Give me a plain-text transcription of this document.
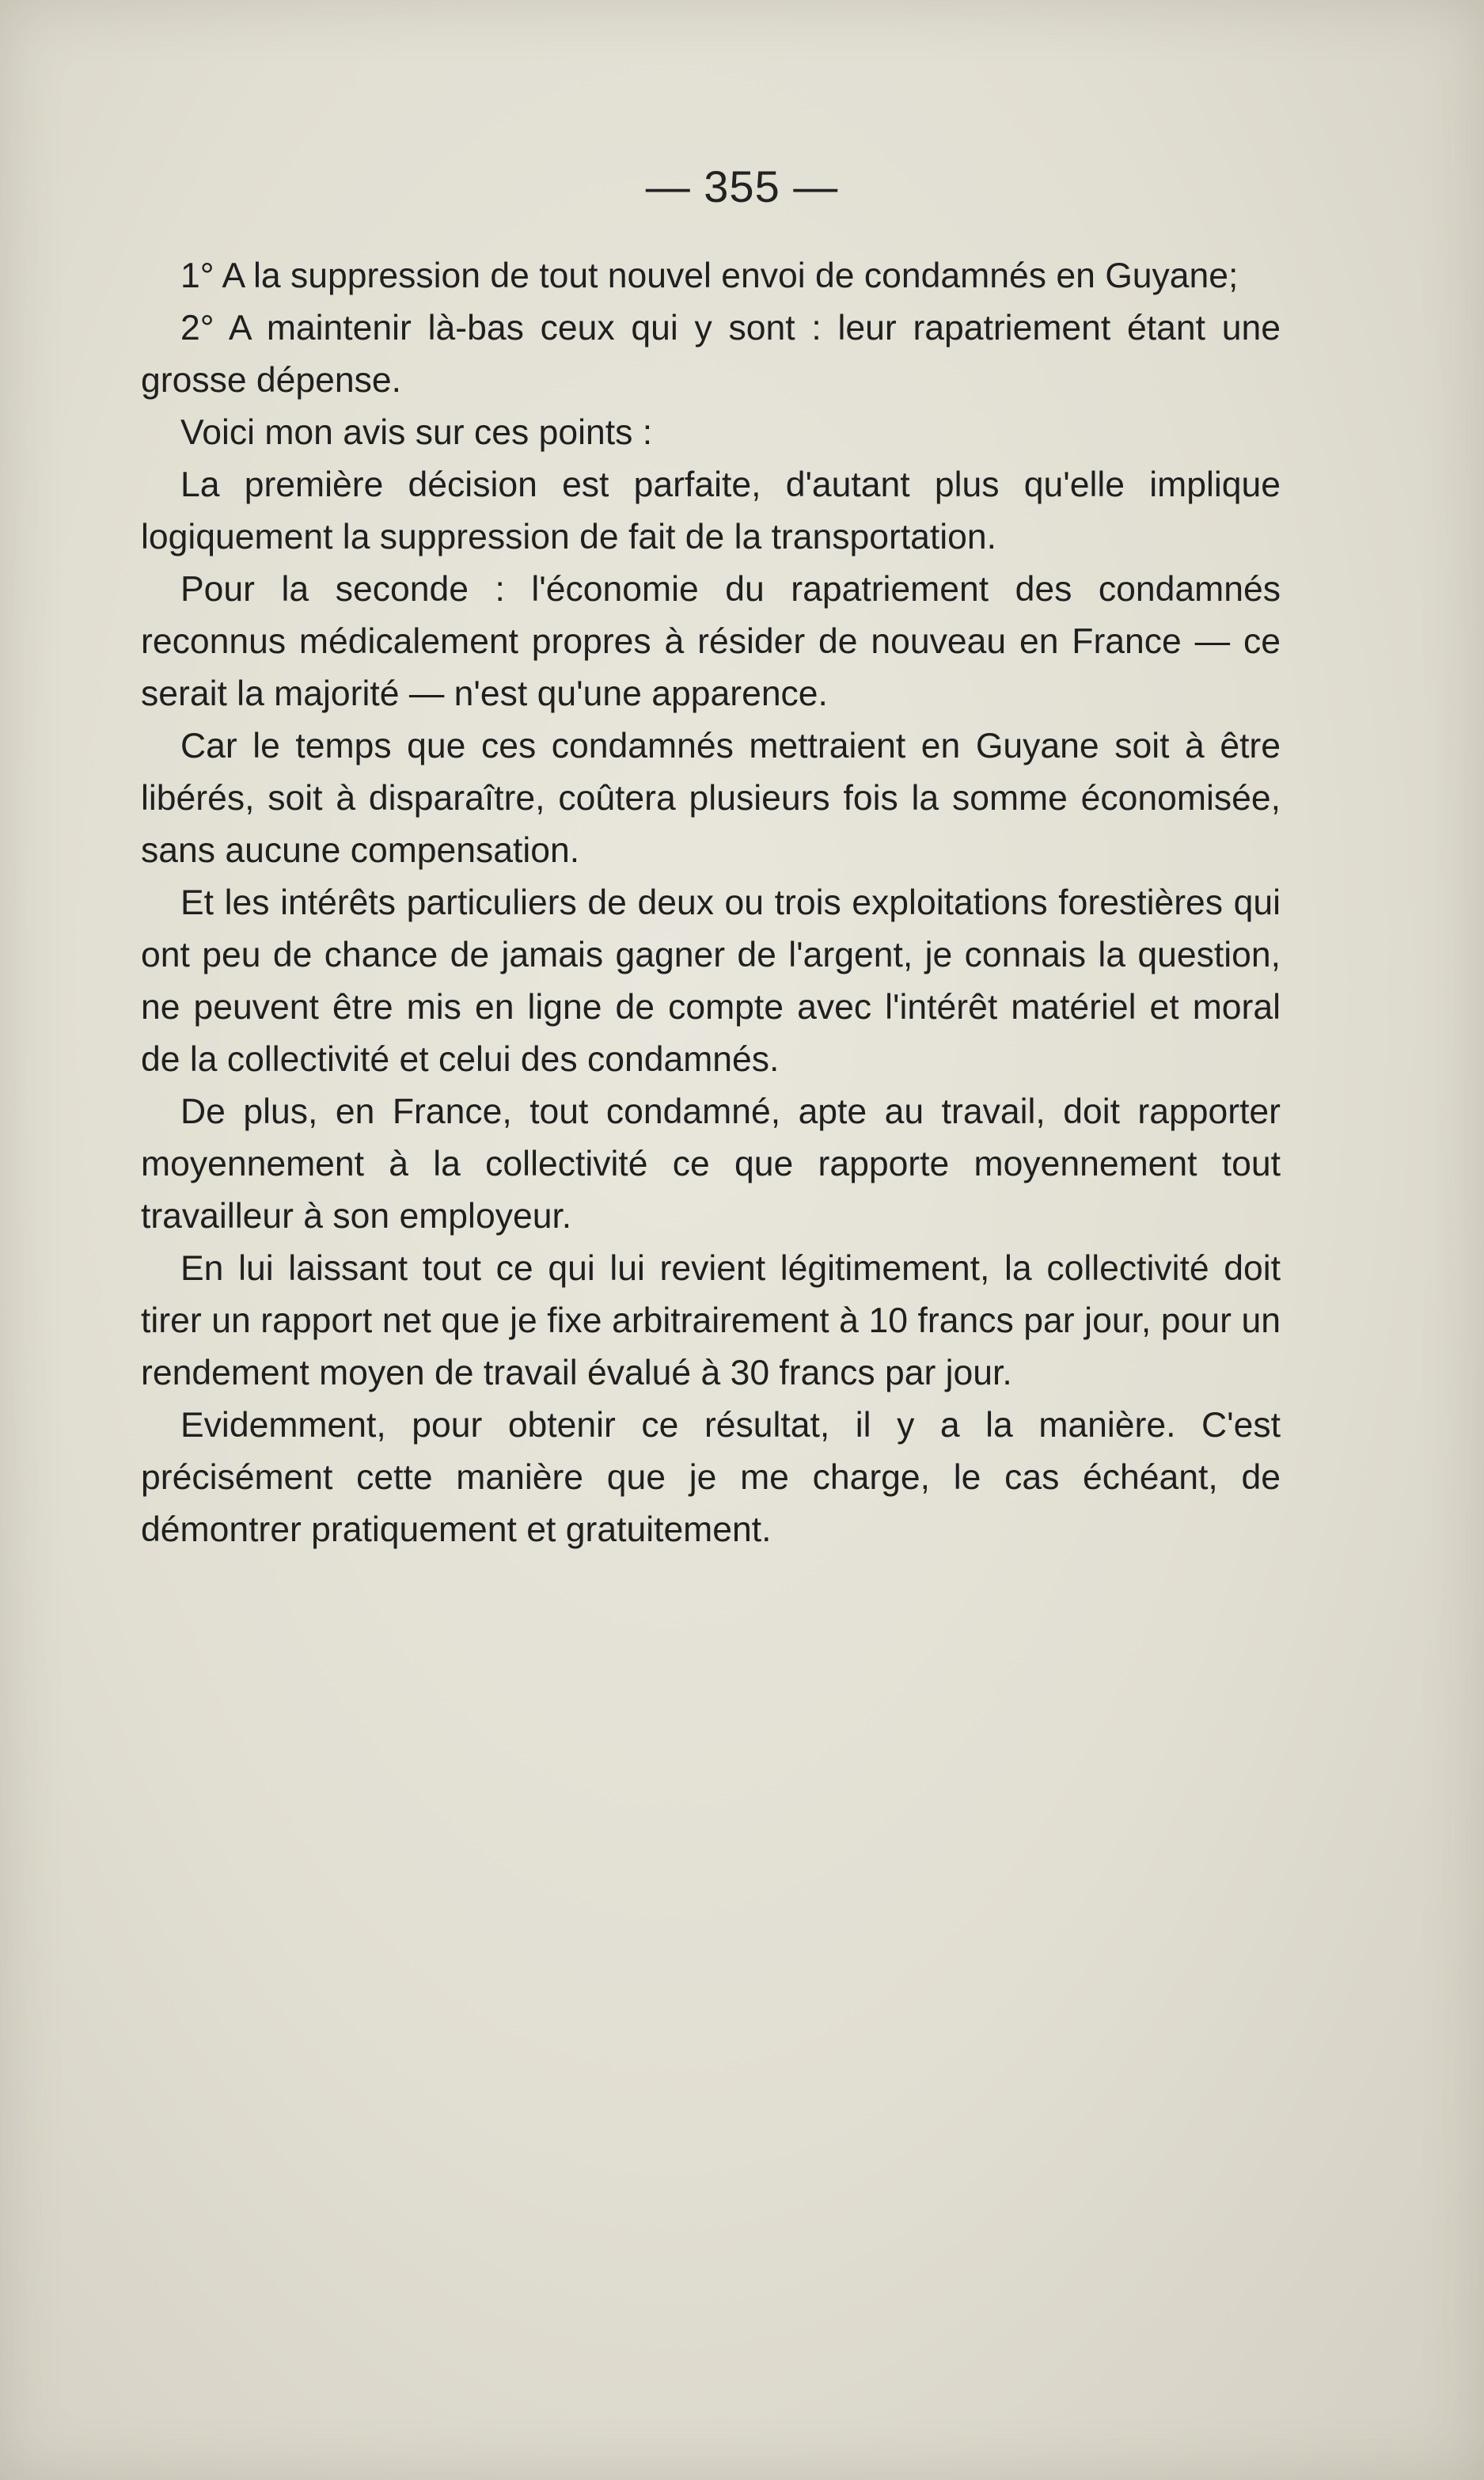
— 355 —

1° A la suppression de tout nouvel envoi de condamnés en Guyane;

2° A maintenir là-bas ceux qui y sont : leur rapatriement étant une grosse dépense.

Voici mon avis sur ces points :

La première décision est parfaite, d'autant plus qu'elle implique logiquement la suppression de fait de la transportation.

Pour la seconde : l'économie du rapatriement des condamnés reconnus médicalement propres à résider de nouveau en France — ce serait la majorité — n'est qu'une apparence.

Car le temps que ces condamnés mettraient en Guyane soit à être libérés, soit à disparaître, coûtera plusieurs fois la somme économisée, sans aucune compensation.

Et les intérêts particuliers de deux ou trois exploitations forestières qui ont peu de chance de jamais gagner de l'argent, je connais la question, ne peuvent être mis en ligne de compte avec l'intérêt matériel et moral de la collectivité et celui des condamnés.

De plus, en France, tout condamné, apte au travail, doit rapporter moyennement à la collectivité ce que rapporte moyennement tout travailleur à son employeur.

En lui laissant tout ce qui lui revient légitimement, la collectivité doit tirer un rapport net que je fixe arbitrairement à 10 francs par jour, pour un rendement moyen de travail évalué à 30 francs par jour.

Evidemment, pour obtenir ce résultat, il y a la manière. C'est précisément cette manière que je me charge, le cas échéant, de démontrer pratiquement et gratuitement.
